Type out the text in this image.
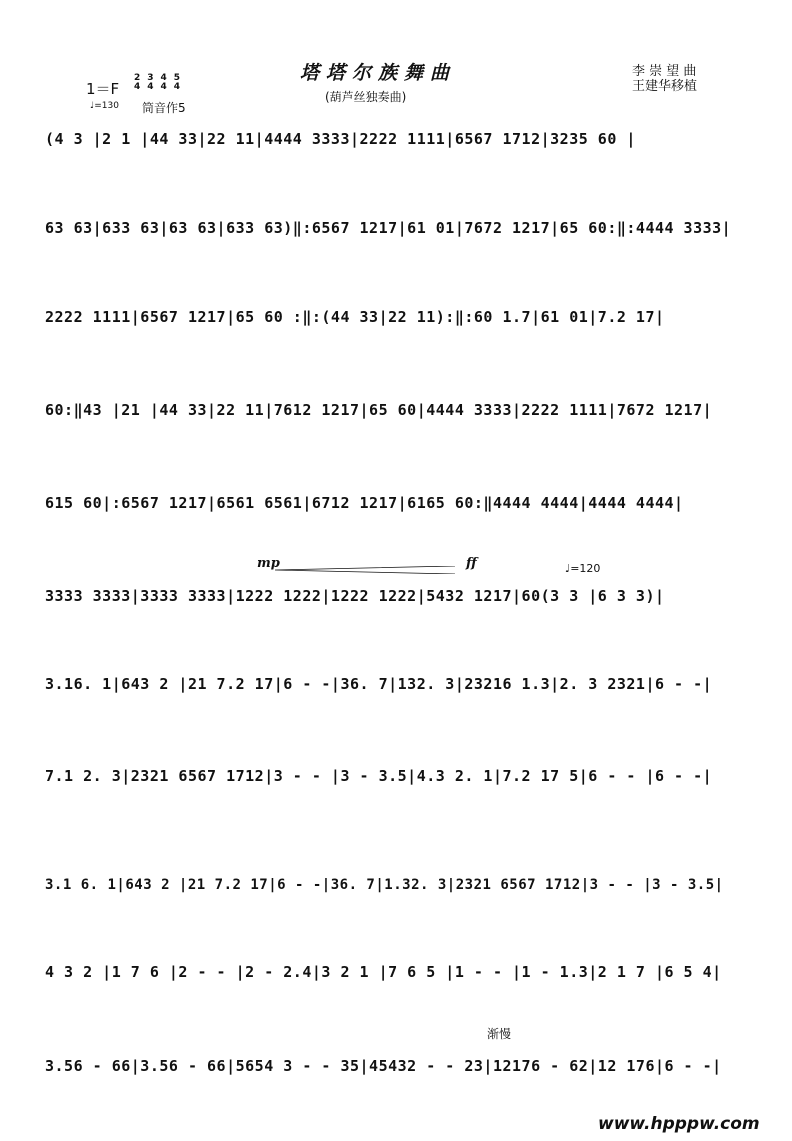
塔塔尔族舞曲
(葫芦丝独奏曲)
李 崇 望 曲
王建华移植
1＝F
2
4
3
4
4
4
5
4
♩=130 筒音作5
(4 3 |2 1 |44 33|22 11|4444 3333|2222 1111|6567 1712|3235 60 |
63 63|633 63|63 63|633 63)‖:6567 1217|61 01|7672 1217|65 60:‖:4444 3333|
2222 1111|6567 1217|65 60 :‖:(44 33|22 11):‖:60 1.7|61 01|7.2 17|
60:‖43 |21 |44 33|22 11|7612 1217|65 60|4444 3333|2222 1111|7672 1217|
615 60|:6567 1217|6561 6561|6712 1217|6165 60:‖4444 4444|4444 4444|
mp	ff	♩=120
3333 3333|3333 3333|1222 1222|1222 1222|5432 1217|60(3 3 |6 3 3)|
3.16. 1|643 2 |21 7.2 17|6 - -|36. 7|132. 3|23216 1.3|2. 3 2321|6 - -|
7.1 2. 3|2321 6567 1712|3 - - |3 - 3.5|4.3 2. 1|7.2 17 5|6 - - |6 - -|
3.1 6. 1|643 2 |21 7.2 17|6 - -|36. 7|1.32. 3|2321 6567 1712|3 - - |3 - 3.5|
4 3 2 |1 7 6 |2 - - |2 - 2.4|3 2 1 |7 6 5 |1 - - |1 - 1.3|2 1 7 |6 5 4|
渐慢
3.56 - 66|3.56 - 66|5654 3 - - 35|45432 - - 23|12176 - 62|12 176|6 - -|
www.hpppw.com
